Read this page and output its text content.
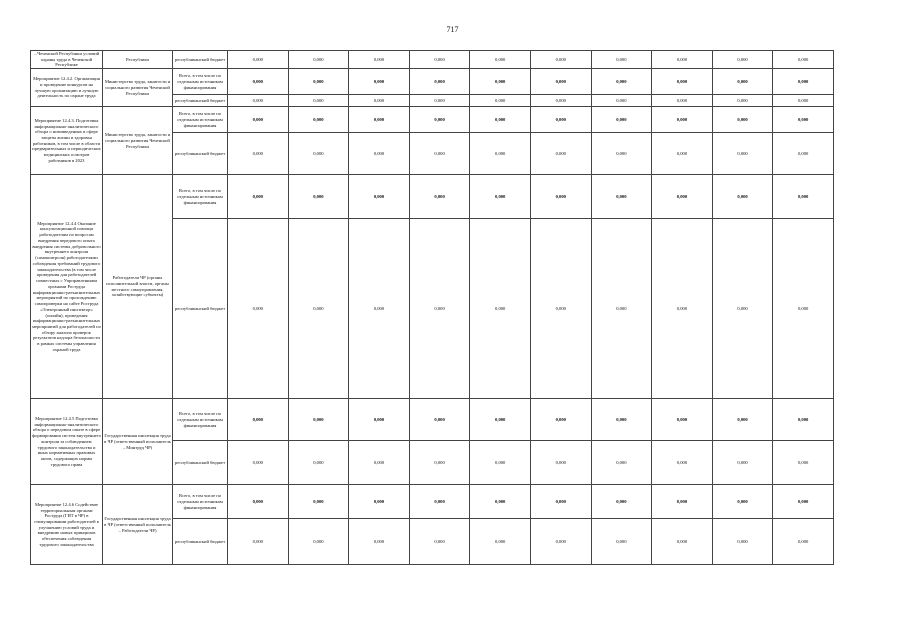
717
...Чеченской Республики условий охраны труда в Чеченской Республике	Республики	республиканский бюджет	0,000	0,000	0,000	0,000	0,000	0,000	0,000	0,000	0,000	0,000
Мероприятие 12.4.2. Организация и проведение конкурсов на лучшую организацию и лучшую деятельность по охране труда	Министерство труда, занятости и социального развития Чеченской Республики	Всего, в том числе по отдельным источникам финансирования	0,000	0,000	0,000	0,000	0,000	0,000	0,000	0,000	0,000	0,000
		республиканский бюджет	0,000	0,000	0,000	0,000	0,000	0,000	0,000	0,000	0,000	0,000
Мероприятие 12.4.3. Подготовка информационно-аналитического обзора о нововведениях в сфере защиты жизни и здоровья работников, в том числе в области предварительных и периодических медицинских осмотров работников в 2023	Министерство труда, занятости и социального развития Чеченской Республики	Всего, в том числе по отдельным источникам финансирования	0,000	0,000	0,000	0,000	0,000	0,000	0,000	0,000	0,000	0,000
		республиканский бюджет	0,000	0,000	0,000	0,000	0,000	0,000	0,000	0,000	0,000	0,000
Мероприятие 12.4.4 Оказание консультационной помощи работодателям по вопросам внедрения передового опыта внедрения системы добровольного внутреннего контроля (самоконтроля) работодателями соблюдения требований трудового законодательства (в том числе проведения для работодателей совместных с Упрправлениями органами Роструда информационно-разъяснительных мероприятий по прохождению самопроверки на сайте Роструда «Электронный инспектор» (онлайн), проведения информационно-разъяснительных мероприятий для работодателей по обзору анализа проверок результатов надзора безопасности в рамках системы управления охраной труда	Работодатели ЧР (органы исполнительной власти, органы местного самоуправления, хозяйствующие субъекты)	Всего, в том числе по отдельным источникам финансирования	0,000	0,000	0,000	0,000	0,000	0,000	0,000	0,000	0,000	0,000
		республиканский бюджет	0,000	0,000	0,000	0,000	0,000	0,000	0,000	0,000	0,000	0,000
Мероприятие 12.4.5 Подготовка информационно-аналитического обзора о передовом опыте в сфере формирования систем внутреннего контроля за соблюдением трудового законодательства и иных нормативных правовых актов, содержащих нормы трудового права	Государственная инспекция труда в ЧР (ответственный исполнитель – Минтруд ЧР)	Всего, в том числе по отдельным источникам финансирования	0,000	0,000	0,000	0,000	0,000	0,000	0,000	0,000	0,000	0,000
		республиканский бюджет	0,000	0,000	0,000	0,000	0,000	0,000	0,000	0,000	0,000	0,000
Мероприятие 12.4.6 Содействие территориальным органам Роструда (ГИТ в ЧР) в стимулировании работодателей к улучшению условий труда и внедрению новых принципов обеспечения соблюдения трудового законодательства	Государственная инспекция труда в ЧР (ответственный исполнитель – Работодатели ЧР)	Всего, в том числе по отдельным источникам финансирования	0,000	0,000	0,000	0,000	0,000	0,000	0,000	0,000	0,000	0,000
		республиканский бюджет	0,000	0,000	0,000	0,000	0,000	0,000	0,000	0,000	0,000	0,000
